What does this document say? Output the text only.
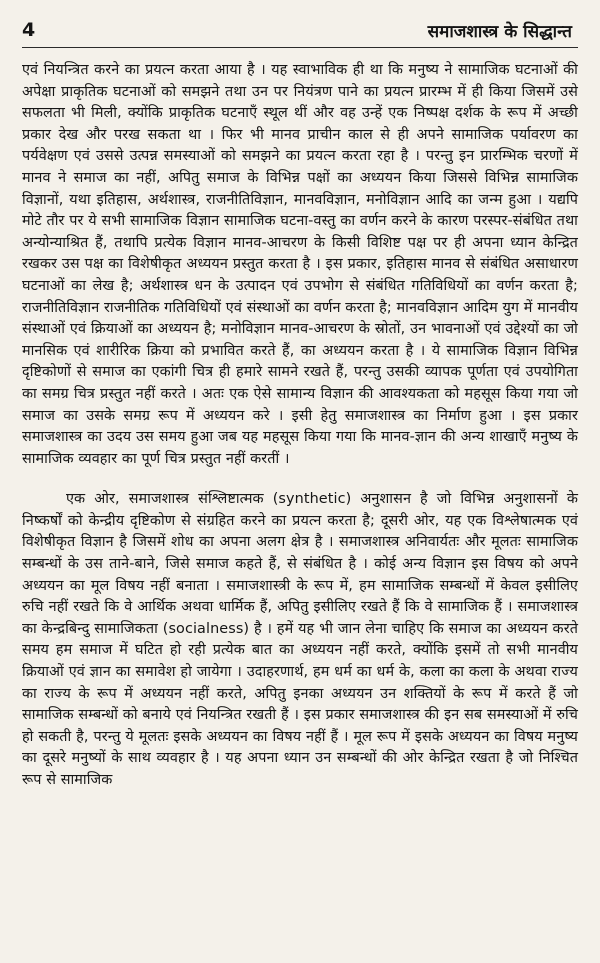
4	समाजशास्त्र के सिद्धान्त

एवं नियन्त्रित करने का प्रयत्न करता आया है । यह स्वाभाविक ही था कि मनुष्य ने सामाजिक घटनाओं की अपेक्षा प्राकृतिक घटनाओं को समझने तथा उन पर नियंत्रण पाने का प्रयत्न प्रारम्भ में ही किया जिसमें उसे सफलता भी मिली, क्योंकि प्राकृतिक घटनाएँ स्थूल थीं और वह उन्हें एक निष्पक्ष दर्शक के रूप में अच्छी प्रकार देख और परख सकता था । फिर भी मानव प्राचीन काल से ही अपने सामाजिक पर्यावरण का पर्यवेक्षण एवं उससे उत्पन्न समस्याओं को समझने का प्रयत्न करता रहा है । परन्तु इन प्रारम्भिक चरणों में मानव ने समाज का नहीं, अपितु समाज के विभिन्न पक्षों का अध्ययन किया जिससे विभिन्न सामाजिक विज्ञानों, यथा इतिहास, अर्थशास्त्र, राजनीतिविज्ञान, मानवविज्ञान, मनोविज्ञान आदि का जन्म हुआ । यद्यपि मोटे तौर पर ये सभी सामाजिक विज्ञान सामाजिक घटना-वस्तु का वर्णन करने के कारण परस्पर-संबंधित तथा अन्योन्याश्रित हैं, तथापि प्रत्येक विज्ञान मानव-आचरण के किसी विशिष्ट पक्ष पर ही अपना ध्यान केन्द्रित रखकर उस पक्ष का विशेषीकृत अध्ययन प्रस्तुत करता है । इस प्रकार, इतिहास मानव से संबंधित असाधारण घटनाओं का लेख है; अर्थशास्त्र धन के उत्पादन एवं उपभोग से संबंधित गतिविधियों का वर्णन करता है; राजनीतिविज्ञान राजनीतिक गतिविधियों एवं संस्थाओं का वर्णन करता है; मानवविज्ञान आदिम युग में मानवीय संस्थाओं एवं क्रियाओं का अध्ययन है; मनोविज्ञान मानव-आचरण के स्रोतों, उन भावनाओं एवं उद्देश्यों का जो मानसिक एवं शारीरिक क्रिया को प्रभावित करते हैं, का अध्ययन करता है । ये सामाजिक विज्ञान विभिन्न दृष्टिकोणों से समाज का एकांगी चित्र ही हमारे सामने रखते हैं, परन्तु उसकी व्यापक पूर्णता एवं उपयोगिता का समग्र चित्र प्रस्तुत नहीं करते । अतः एक ऐसे सामान्य विज्ञान की आवश्यकता को महसूस किया गया जो समाज का उसके समग्र रूप में अध्ययन करे । इसी हेतु समाजशास्त्र का निर्माण हुआ । इस प्रकार समाजशास्त्र का उदय उस समय हुआ जब यह महसूस किया गया कि मानव-ज्ञान की अन्य शाखाएँ मनुष्य के सामाजिक व्यवहार का पूर्ण चित्र प्रस्तुत नहीं करतीं ।

एक ओर, समाजशास्त्र संश्लिष्टात्मक (synthetic) अनुशासन है जो विभिन्न अनुशासनों के निष्कर्षों को केन्द्रीय दृष्टिकोण से संग्रहित करने का प्रयत्न करता है; दूसरी ओर, यह एक विश्लेषात्मक एवं विशेषीकृत विज्ञान है जिसमें शोध का अपना अलग क्षेत्र है । समाजशास्त्र अनिवार्यतः और मूलतः सामाजिक सम्बन्धों के उस ताने-बाने, जिसे समाज कहते हैं, से संबंधित है । कोई अन्य विज्ञान इस विषय को अपने अध्ययन का मूल विषय नहीं बनाता । समाजशास्त्री के रूप में, हम सामाजिक सम्बन्धों में केवल इसीलिए रुचि नहीं रखते कि वे आर्थिक अथवा धार्मिक हैं, अपितु इसीलिए रखते हैं कि वे सामाजिक हैं । समाजशास्त्र का केन्द्रबिन्दु सामाजिकता (socialness) है । हमें यह भी जान लेना चाहिए कि समाज का अध्ययन करते समय हम समाज में घटित हो रही प्रत्येक बात का अध्ययन नहीं करते, क्योंकि इसमें तो सभी मानवीय क्रियाओं एवं ज्ञान का समावेश हो जायेगा । उदाहरणार्थ, हम धर्म का धर्म के, कला का कला के अथवा राज्य का राज्य के रूप में अध्ययन नहीं करते, अपितु इनका अध्ययन उन शक्तियों के रूप में करते हैं जो सामाजिक सम्बन्धों को बनाये एवं नियन्त्रित रखती हैं । इस प्रकार समाजशास्त्र की इन सब समस्याओं में रुचि हो सकती है, परन्तु ये मूलतः इसके अध्ययन का विषय नहीं हैं । मूल रूप में इसके अध्ययन का विषय मनुष्य का दूसरे मनुष्यों के साथ व्यवहार है । यह अपना ध्यान उन सम्बन्धों की ओर केन्द्रित रखता है जो निश्चित रूप से सामाजिक
